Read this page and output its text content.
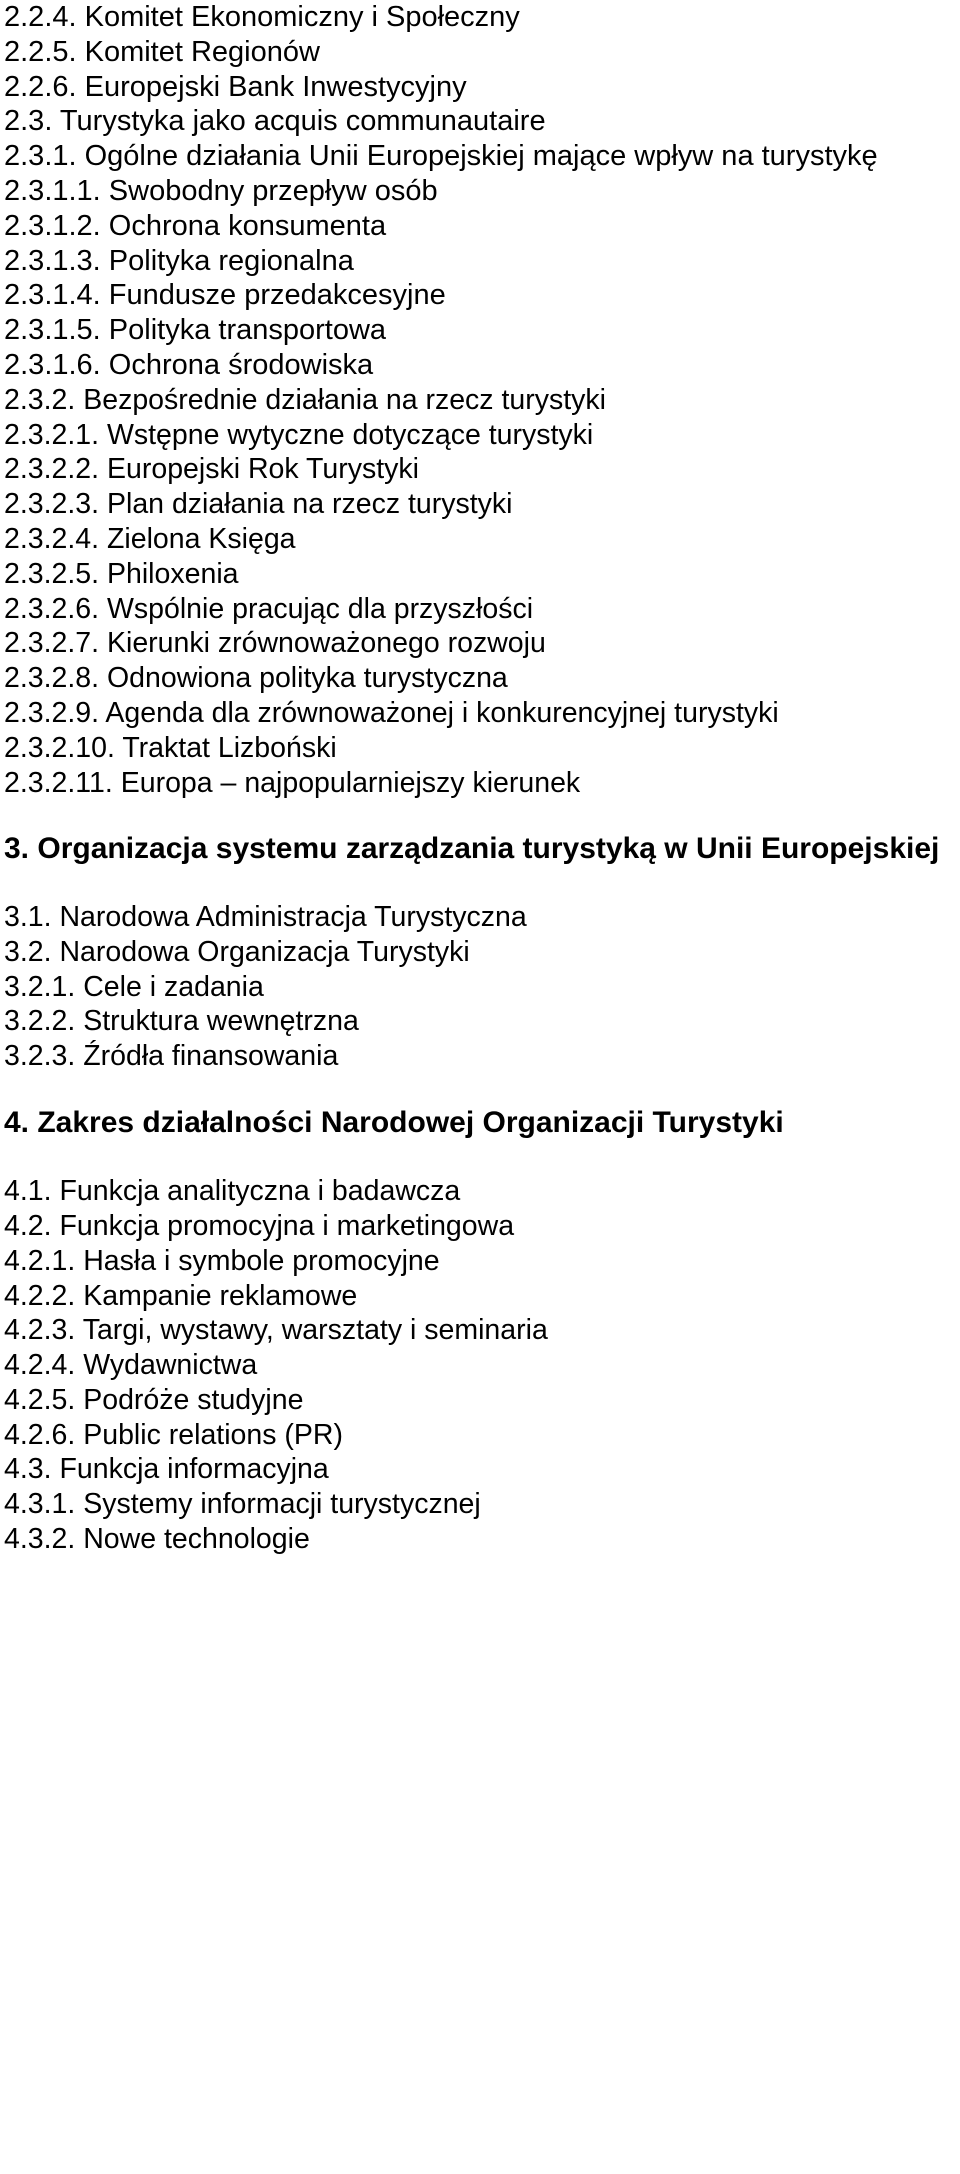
2.2.4. Komitet Ekonomiczny i Społeczny
2.2.5. Komitet Regionów
2.2.6. Europejski Bank Inwestycyjny
2.3. Turystyka jako acquis communautaire
2.3.1. Ogólne działania Unii Europejskiej mające wpływ na turystykę
2.3.1.1. Swobodny przepływ osób
2.3.1.2. Ochrona konsumenta
2.3.1.3. Polityka regionalna
2.3.1.4. Fundusze przedakcesyjne
2.3.1.5. Polityka transportowa
2.3.1.6. Ochrona środowiska
2.3.2. Bezpośrednie działania na rzecz turystyki
2.3.2.1. Wstępne wytyczne dotyczące turystyki
2.3.2.2. Europejski Rok Turystyki
2.3.2.3. Plan działania na rzecz turystyki
2.3.2.4. Zielona Księga
2.3.2.5. Philoxenia
2.3.2.6. Wspólnie pracując dla przyszłości
2.3.2.7. Kierunki zrównoważonego rozwoju
2.3.2.8. Odnowiona polityka turystyczna
2.3.2.9. Agenda dla zrównoważonej i konkurencyjnej turystyki
2.3.2.10. Traktat Lizboński
2.3.2.11. Europa – najpopularniejszy kierunek
3. Organizacja systemu zarządzania turystyką w Unii Europejskiej
3.1. Narodowa Administracja Turystyczna
3.2. Narodowa Organizacja Turystyki
3.2.1. Cele i zadania
3.2.2. Struktura wewnętrzna
3.2.3. Źródła finansowania
4. Zakres działalności Narodowej Organizacji Turystyki
4.1. Funkcja analityczna i badawcza
4.2. Funkcja promocyjna i marketingowa
4.2.1. Hasła i symbole promocyjne
4.2.2. Kampanie reklamowe
4.2.3. Targi, wystawy, warsztaty i seminaria
4.2.4. Wydawnictwa
4.2.5. Podróże studyjne
4.2.6. Public relations (PR)
4.3. Funkcja informacyjna
4.3.1. Systemy informacji turystycznej
4.3.2. Nowe technologie
